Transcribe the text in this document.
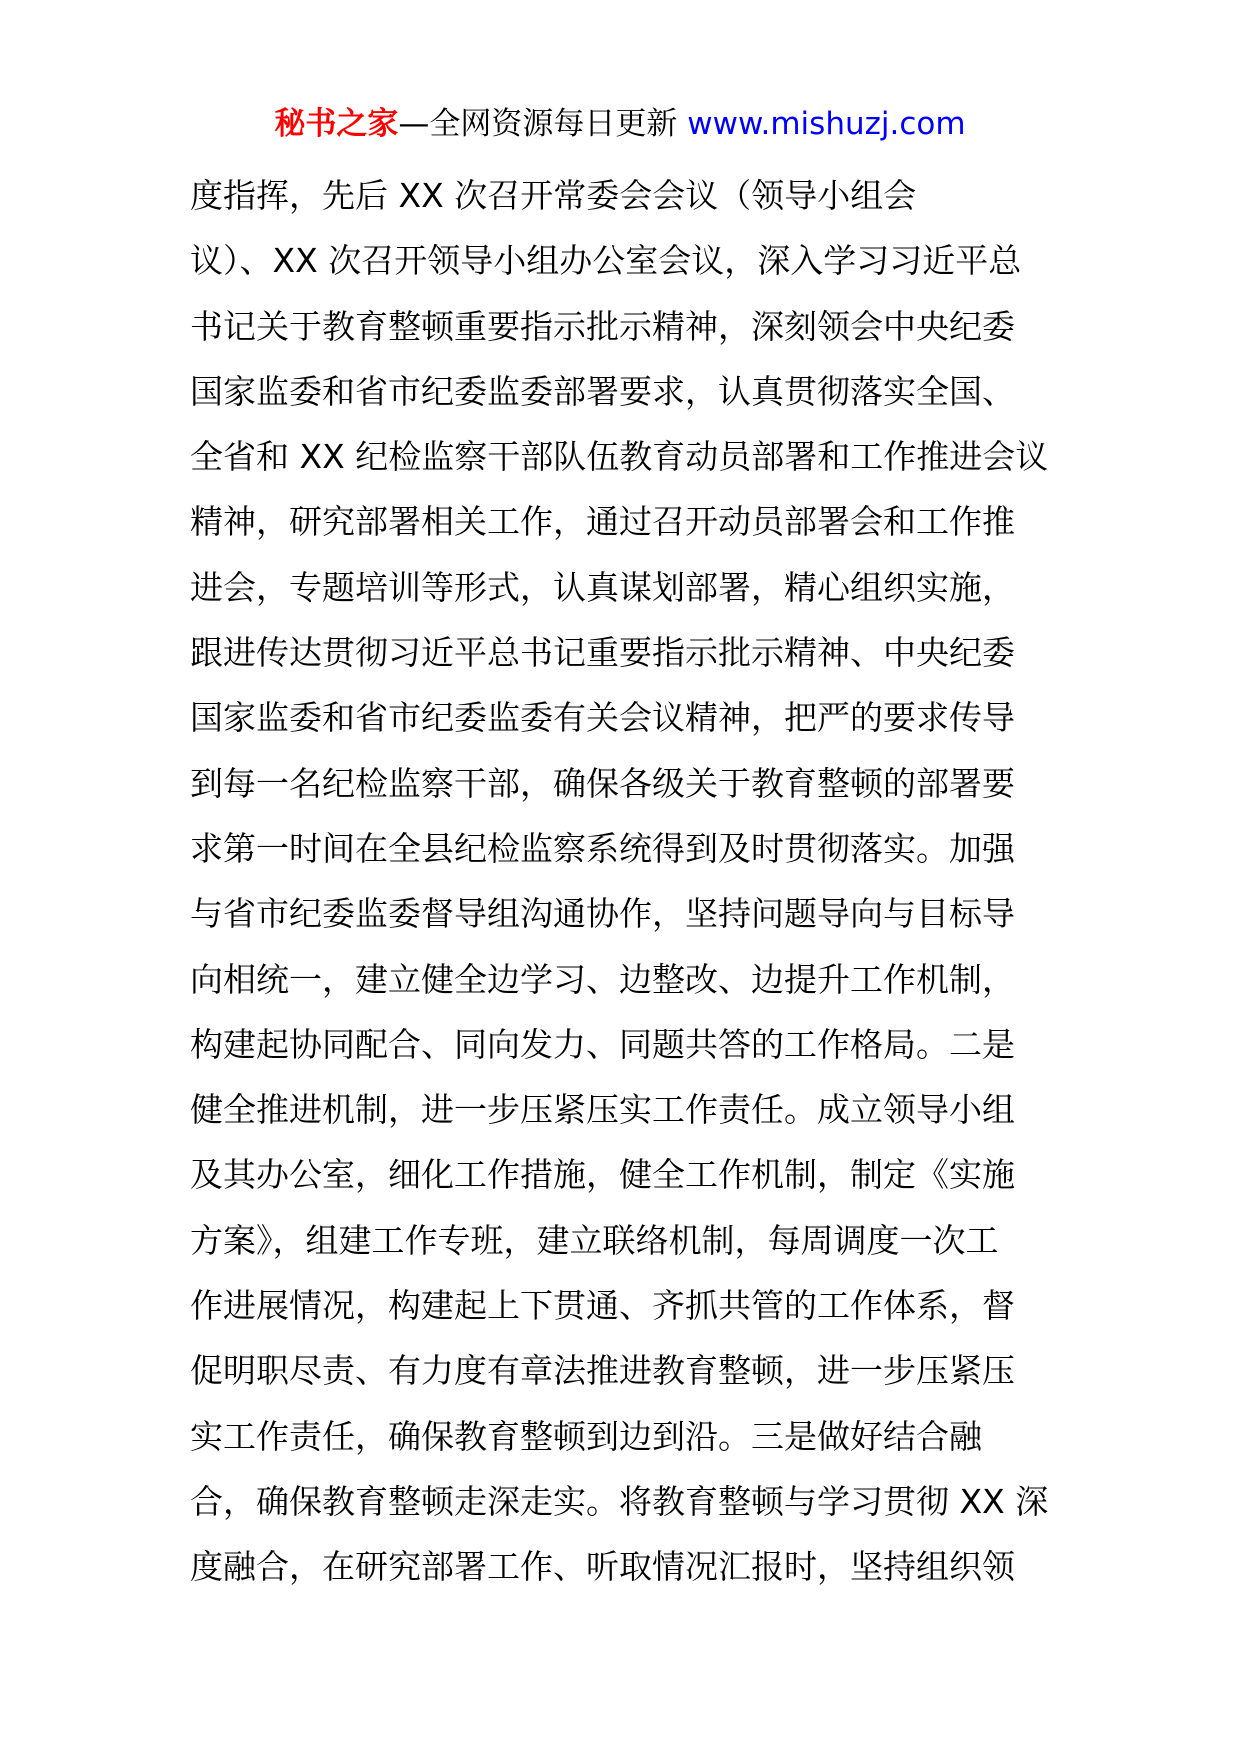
秘书之家—全网资源每日更新 www.mishuzj.com
度指挥，先后 XX 次召开常委会会议（领导小组会
议）、XX 次召开领导小组办公室会议，深入学习习近平总
书记关于教育整顿重要指示批示精神，深刻领会中央纪委
国家监委和省市纪委监委部署要求，认真贯彻落实全国、
全省和 XX 纪检监察干部队伍教育动员部署和工作推进会议
精神，研究部署相关工作，通过召开动员部署会和工作推
进会，专题培训等形式，认真谋划部署，精心组织实施，
跟进传达贯彻习近平总书记重要指示批示精神、中央纪委
国家监委和省市纪委监委有关会议精神，把严的要求传导
到每一名纪检监察干部，确保各级关于教育整顿的部署要
求第一时间在全县纪检监察系统得到及时贯彻落实。加强
与省市纪委监委督导组沟通协作，坚持问题导向与目标导
向相统一，建立健全边学习、边整改、边提升工作机制，
构建起协同配合、同向发力、同题共答的工作格局。二是
健全推进机制，进一步压紧压实工作责任。成立领导小组
及其办公室，细化工作措施，健全工作机制，制定《实施
方案》，组建工作专班，建立联络机制，每周调度一次工
作进展情况，构建起上下贯通、齐抓共管的工作体系，督
促明职尽责、有力度有章法推进教育整顿，进一步压紧压
实工作责任，确保教育整顿到边到沿。三是做好结合融
合，确保教育整顿走深走实。将教育整顿与学习贯彻 XX 深
度融合，在研究部署工作、听取情况汇报时，坚持组织领
